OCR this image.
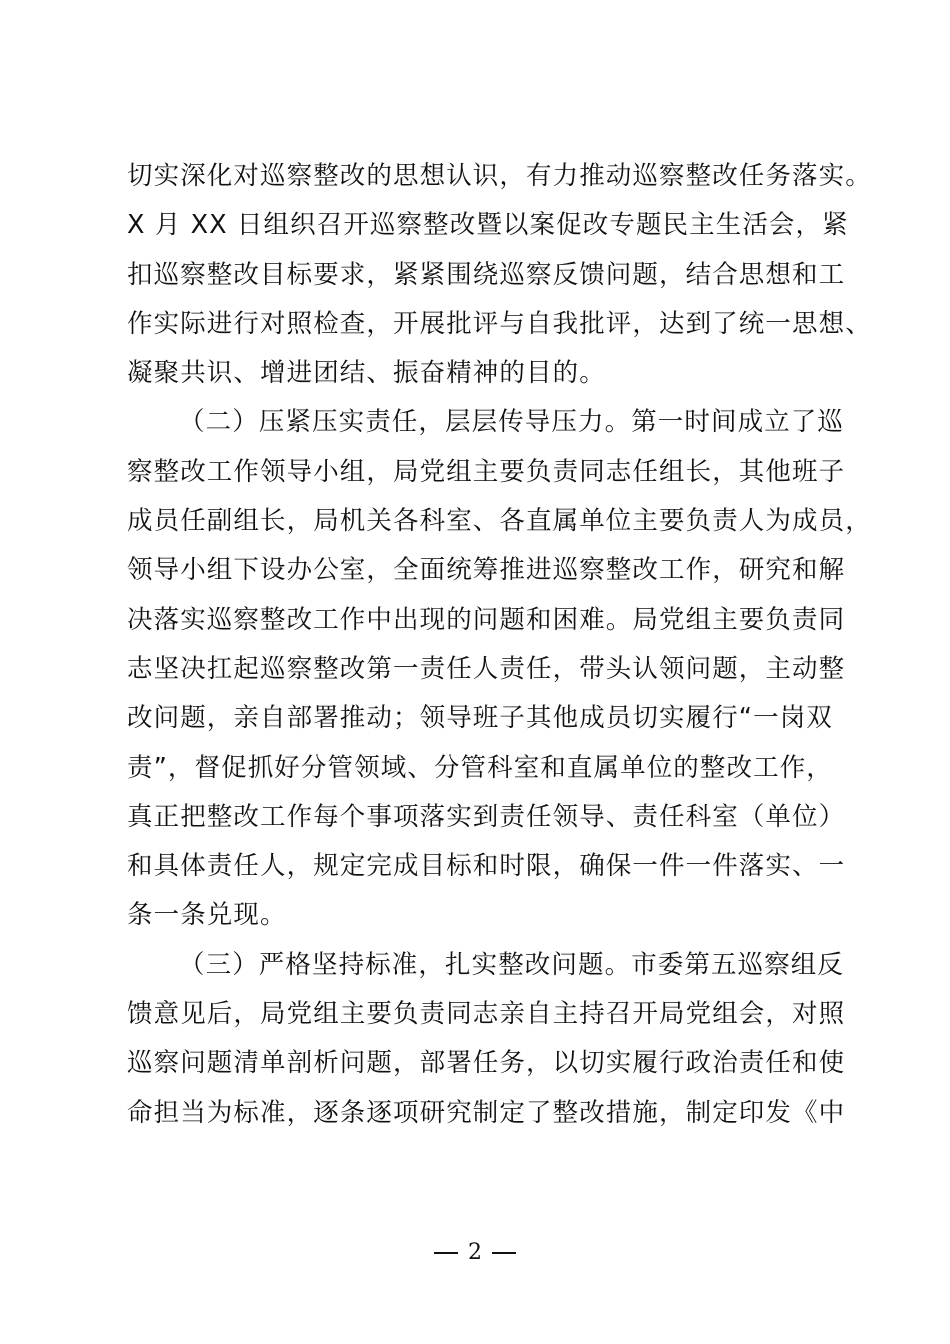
切实深化对巡察整改的思想认识，有力推动巡察整改任务落实。
X 月 XX 日组织召开巡察整改暨以案促改专题民主生活会，紧
扣巡察整改目标要求，紧紧围绕巡察反馈问题，结合思想和工
作实际进行对照检查，开展批评与自我批评，达到了统一思想、
凝聚共识、增进团结、振奋精神的目的。
（二）压紧压实责任，层层传导压力。第一时间成立了巡
察整改工作领导小组，局党组主要负责同志任组长，其他班子
成员任副组长，局机关各科室、各直属单位主要负责人为成员，
领导小组下设办公室，全面统筹推进巡察整改工作，研究和解
决落实巡察整改工作中出现的问题和困难。局党组主要负责同
志坚决扛起巡察整改第一责任人责任，带头认领问题，主动整
改问题，亲自部署推动；领导班子其他成员切实履行“一岗双
责”，督促抓好分管领域、分管科室和直属单位的整改工作，
真正把整改工作每个事项落实到责任领导、责任科室（单位）
和具体责任人，规定完成目标和时限，确保一件一件落实、一
条一条兑现。
（三）严格坚持标准，扎实整改问题。市委第五巡察组反
馈意见后，局党组主要负责同志亲自主持召开局党组会，对照
巡察问题清单剖析问题，部署任务，以切实履行政治责任和使
命担当为标准，逐条逐项研究制定了整改措施，制定印发《中
2
